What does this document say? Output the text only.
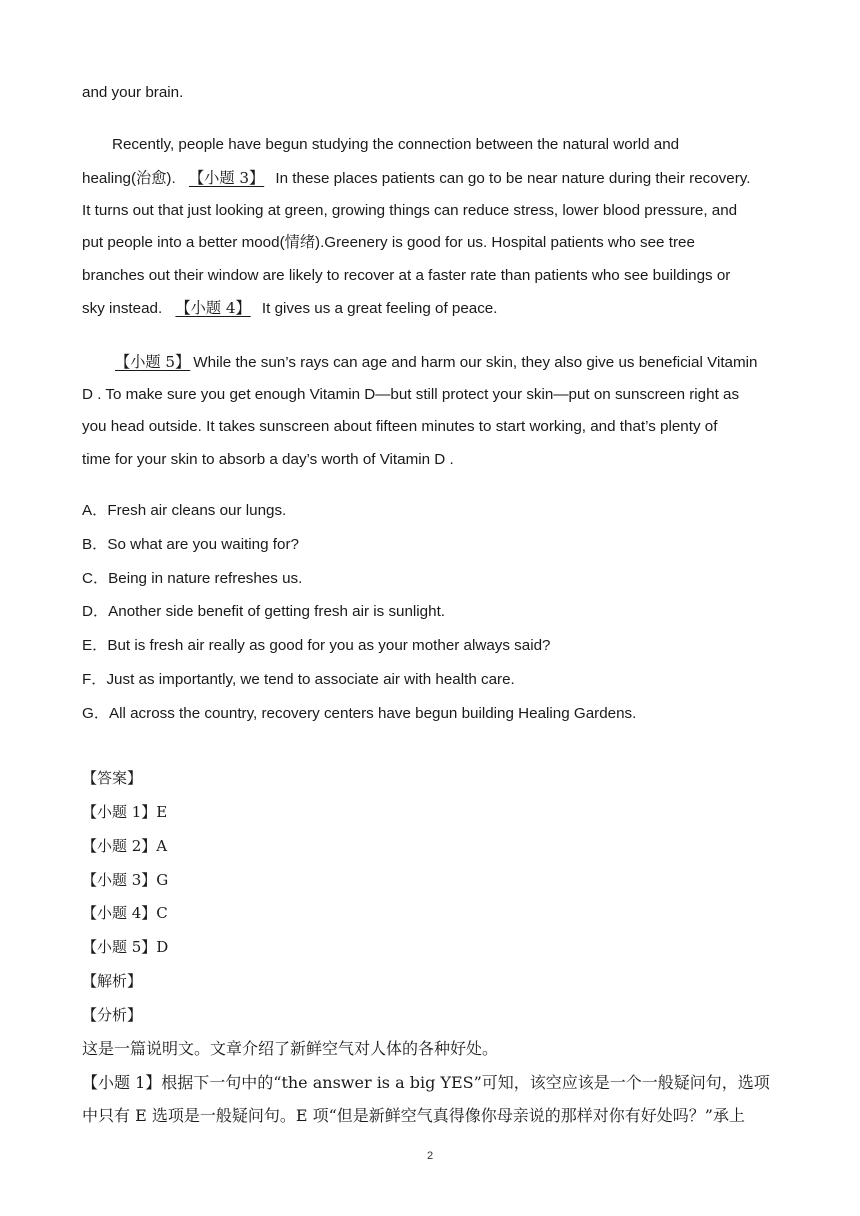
and your brain.
Recently, people have begun studying the connection between the natural world and
healing(治愈). 【小题 3】 In these places patients can go to be near nature during their recovery.
It turns out that just looking at green, growing things can reduce stress, lower blood pressure, and
put people into a better mood(情绪).Greenery is good for us. Hospital patients who see tree
branches out their window are likely to recover at a faster rate than patients who see buildings or
sky instead. 【小题 4】 It gives us a great feeling of peace.
【小题 5】 While the sun’s rays can age and harm our skin, they also give us beneficial Vitamin
D . To make sure you get enough Vitamin D—but still protect your skin—put on sunscreen right as
you head outside. It takes sunscreen about fifteen minutes to start working, and that’s plenty of
time for your skin to absorb a day’s worth of Vitamin D .
A．Fresh air cleans our lungs.
B．So what are you waiting for?
C．Being in nature refreshes us.
D．Another side benefit of getting fresh air is sunlight.
E．But is fresh air really as good for you as your mother always said?
F．Just as importantly, we tend to associate air with health care.
G．All across the country, recovery centers have begun building Healing Gardens.
【答案】
【小题 1】E
【小题 2】A
【小题 3】G
【小题 4】C
【小题 5】D
【解析】
【分析】
这是一篇说明文。文章介绍了新鲜空气对人体的各种好处。
【小题 1】根据下一句中的“the answer is a big YES”可知，该空应该是一个一般疑问句，选项
中只有 E 选项是一般疑问句。E 项“但是新鲜空气真得像你母亲说的那样对你有好处吗？”承上
2
